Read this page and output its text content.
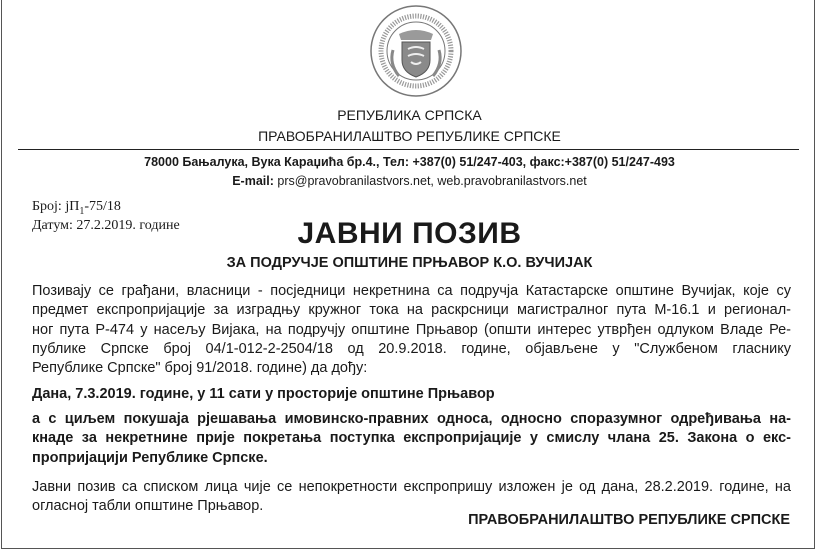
РЕПУБЛИКА СРПСКА
ПРАВОБРАНИЛАШТВО РЕПУБЛИКЕ СРПСКЕ
78000 Бањалука, Вука Караџића бр.4., Тел: +387(0) 51/247-403, факс:+387(0) 51/247-493
E-mail: prs@pravobranilastvors.net, web.pravobranilastvors.net
Број: $јП_1-75/18$
Датум: 27.2.2019. године	ЈАВНИ ПОЗИВ
ЗА ПОДРУЧЈЕ ОПШТИНЕ ПРЊАВОР К.О. ВУЧИЈАК
Позивају се грађани, власници - посједници некретнина са подручја Катастарске општине Вучијак, које су
предмет експропријације за изградњу кружног тока на раскрсници магистралног пута М-16.1 и регионал-
ног пута Р-474 у насељу Вијака, на подручју општине Прњавор (општи интерес утврђен одлуком Владе Ре-
публике Српске број 04/1-012-2-2504/18 од 20.9.2018. године, објављене у "Службеном гласнику
Републике Српске" број 91/2018. године) да дођу:
Дана, 7.3.2019. године, у 11 сати у просторије општине Прњавор
а с циљем покушаја рјешавања имовинско-правних односа, односно споразумног одређивања на-
кнаде за некретнине прије покретања поступка експропријације у смислу члана 25. Закона о екс-
пропријацији Републике Српске.
Јавни позив са списком лица чије се непокретности експропришу изложен је од дана, 28.2.2019. године, на
огласној табли општине Прњавор.
ПРАВОБРАНИЛАШТВО РЕПУБЛИКЕ СРПСКЕ
